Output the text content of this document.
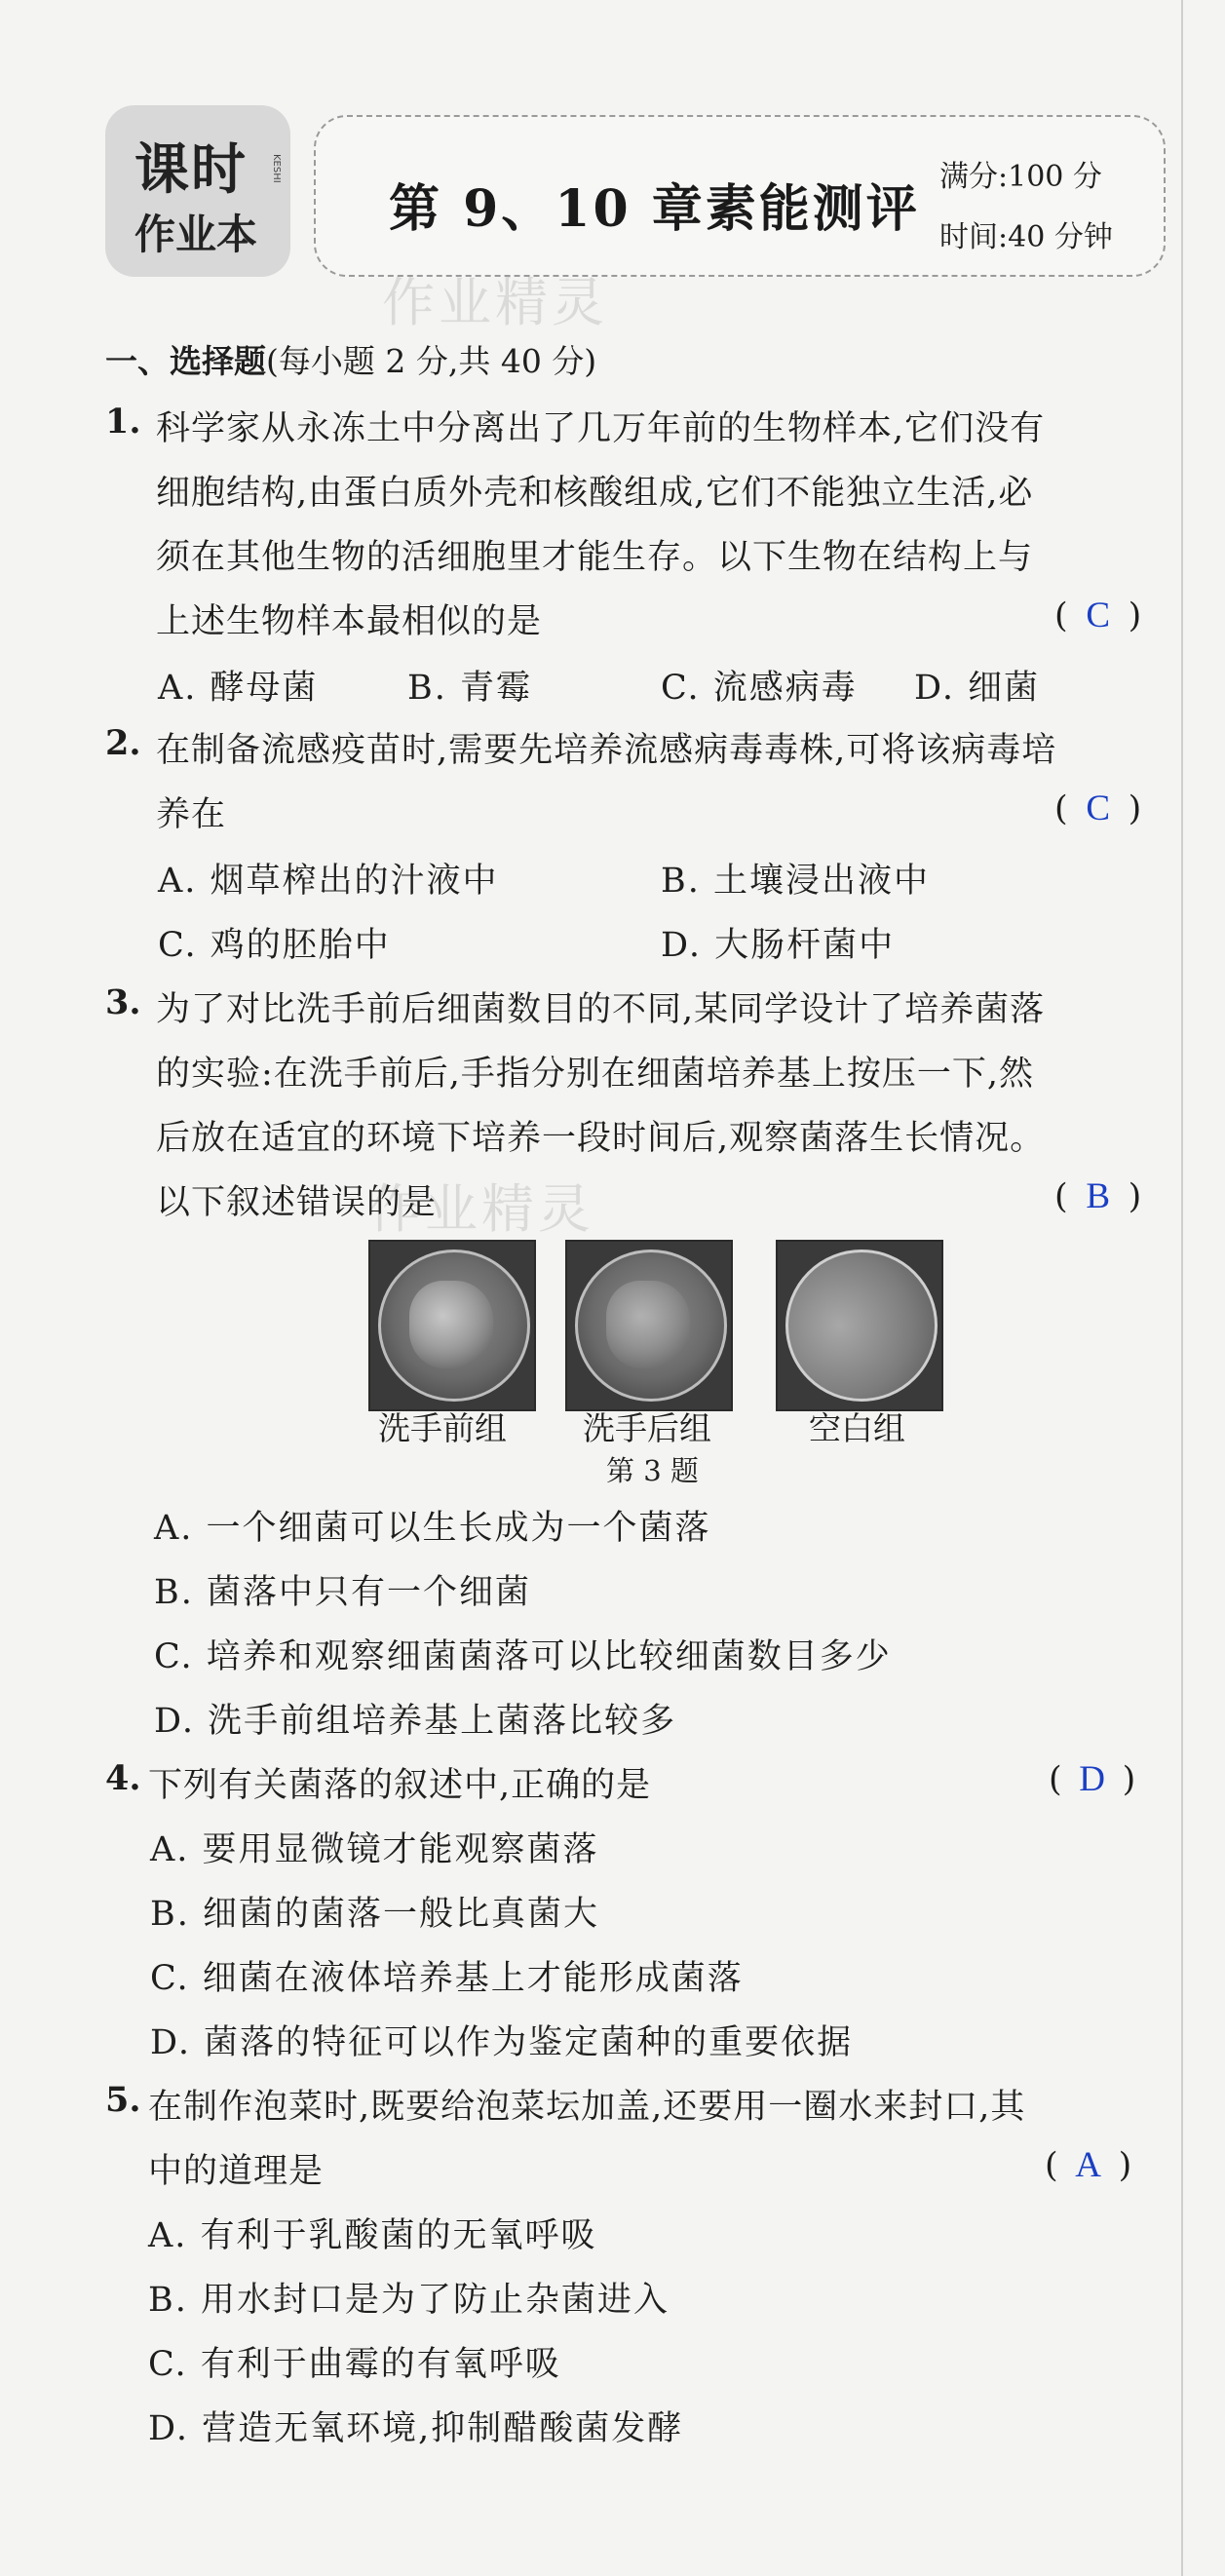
课时
作业本
KESHI
第 9、10 章素能测评
满分:100 分
时间:40 分钟
作业精灵
作业精灵
一、选择题(每小题 2 分,共 40 分)
1. 科学家从永冻土中分离出了几万年前的生物样本,它们没有
细胞结构,由蛋白质外壳和核酸组成,它们不能独立生活,必
须在其他生物的活细胞里才能生存。以下生物在结构上与
上述生物样本最相似的是	( C )
A. 酵母菌	B. 青霉	C. 流感病毒 D. 细菌
2. 在制备流感疫苗时,需要先培养流感病毒毒株,可将该病毒培
养在	( C )
A. 烟草榨出的汁液中	B. 土壤浸出液中
C. 鸡的胚胎中	D. 大肠杆菌中
3. 为了对比洗手前后细菌数目的不同,某同学设计了培养菌落
的实验:在洗手前后,手指分别在细菌培养基上按压一下,然
后放在适宜的环境下培养一段时间后,观察菌落生长情况。
以下叙述错误的是	( B )
洗手前组 洗手后组	空白组
第 3 题
A. 一个细菌可以生长成为一个菌落
B. 菌落中只有一个细菌
C. 培养和观察细菌菌落可以比较细菌数目多少
D. 洗手前组培养基上菌落比较多
4. 下列有关菌落的叙述中,正确的是	( D )
A. 要用显微镜才能观察菌落
B. 细菌的菌落一般比真菌大
C. 细菌在液体培养基上才能形成菌落
D. 菌落的特征可以作为鉴定菌种的重要依据
5. 在制作泡菜时,既要给泡菜坛加盖,还要用一圈水来封口,其
中的道理是	( A )
A. 有利于乳酸菌的无氧呼吸
B. 用水封口是为了防止杂菌进入
C. 有利于曲霉的有氧呼吸
D. 营造无氧环境,抑制醋酸菌发酵
